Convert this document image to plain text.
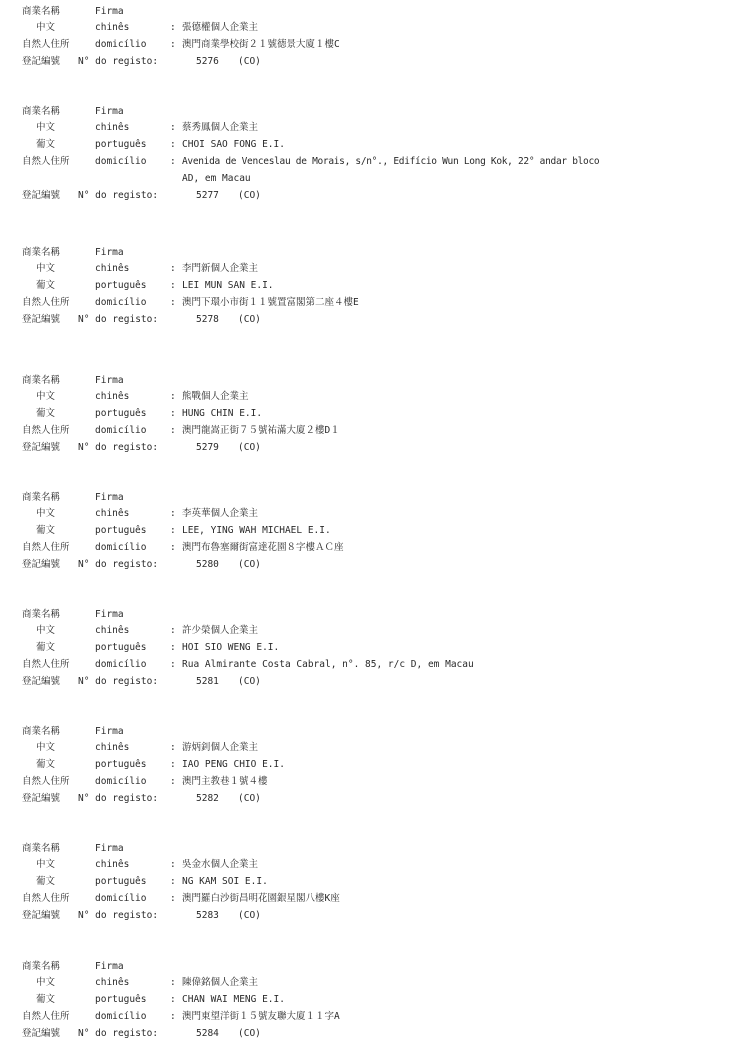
商業名稱	Firma
中文	chinês	: 張德權個人企業主
自然人住所	domicílio : 澳門商業學校街２１號德景大廈１樓C
登記編號 N° do registo:	5276 (CO)
商業名稱	Firma
中文	chinês	: 蔡秀鳳個人企業主
葡文	português : CHOI SAO FONG E.I.
自然人住所	domicílio : Avenida de Venceslau de Morais, s/n°., Edifício Wun Long Kok, 22° andar bloco
AD, em Macau
登記編號 N° do registo:	5277 (CO)
商業名稱	Firma
中文	chinês	: 李門新個人企業主
葡文	português : LEI MUN SAN E.I.
自然人住所	domicílio : 澳門下環小市街１１號置富閣第二座４樓E
登記編號 N° do registo:	5278 (CO)
商業名稱	Firma
中文	chinês	: 熊戰個人企業主
葡文	português : HUNG CHIN E.I.
自然人住所	domicílio : 澳門龍嵩正街７５號祐滿大廈２樓D１
登記編號 N° do registo:	5279 (CO)
商業名稱	Firma
中文	chinês	: 李英華個人企業主
葡文	português : LEE, YING WAH MICHAEL E.I.
自然人住所	domicílio : 澳門布魯塞爾街富達花園８字樓ＡＣ座
登記編號 N° do registo:	5280 (CO)
商業名稱	Firma
中文	chinês	: 許少榮個人企業主
葡文	português : HOI SIO WENG E.I.
自然人住所	domicílio : Rua Almirante Costa Cabral, n°. 85, r/c D, em Macau
登記編號 N° do registo:	5281 (CO)
商業名稱	Firma
中文	chinês	: 游炳釗個人企業主
葡文	português : IAO PENG CHIO E.I.
自然人住所	domicílio : 澳門主教巷１號４樓
登記編號 N° do registo:	5282 (CO)
商業名稱	Firma
中文	chinês	: 吳金水個人企業主
葡文	português : NG KAM SOI E.I.
自然人住所	domicílio : 澳門羅白沙街昌明花園銀星閣八樓K座
登記編號 N° do registo:	5283 (CO)
商業名稱	Firma
中文	chinês	: 陳偉銘個人企業主
葡文	português : CHAN WAI MENG E.I.
自然人住所	domicílio : 澳門東望洋街１５號友聯大廈１１字A
登記編號 N° do registo:	5284 (CO)
